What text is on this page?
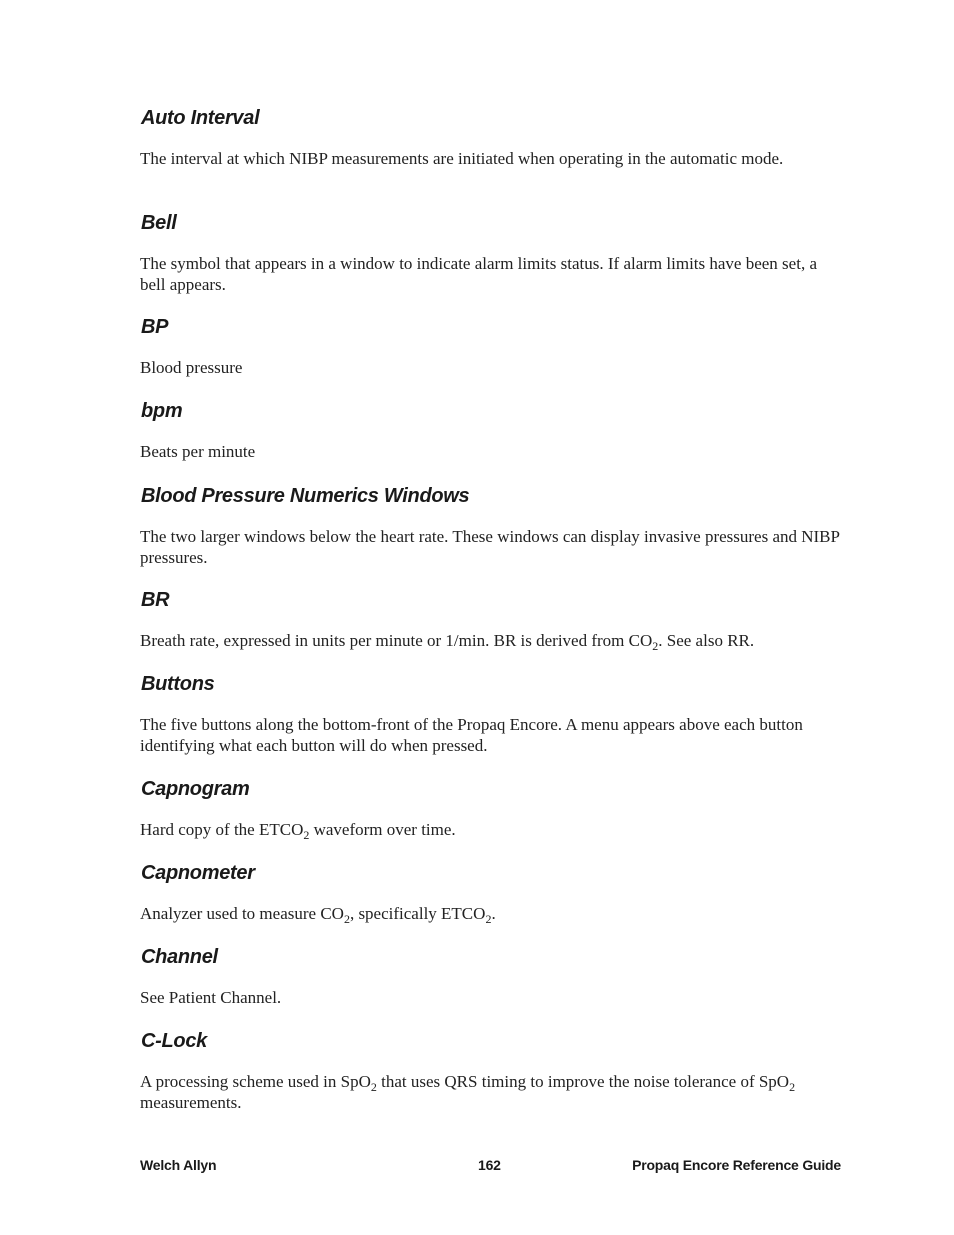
Auto Interval

The interval at which NIBP measurements are initiated when operating in the automatic mode.

Bell

The symbol that appears in a window to indicate alarm limits status. If alarm limits have been set, a bell appears.

BP

Blood pressure

bpm

Beats per minute

Blood Pressure Numerics Windows

The two larger windows below the heart rate. These windows can display invasive pressures and NIBP pressures.

BR

Breath rate, expressed in units per minute or 1/min. BR is derived from $CO_2$. See also RR.

Buttons

The five buttons along the bottom-front of the Propaq Encore. A menu appears above each button identifying what each button will do when pressed.

Capnogram

Hard copy of the $ETCO_2$ waveform over time.

Capnometer

Analyzer used to measure $CO_2$, specifically $ETCO_2$.

Channel

See Patient Channel.

C-Lock

A processing scheme used in SpO$_2$ that uses QRS timing to improve the noise tolerance of SpO$_2$ measurements.

Welch Allyn	162	Propaq Encore Reference Guide
